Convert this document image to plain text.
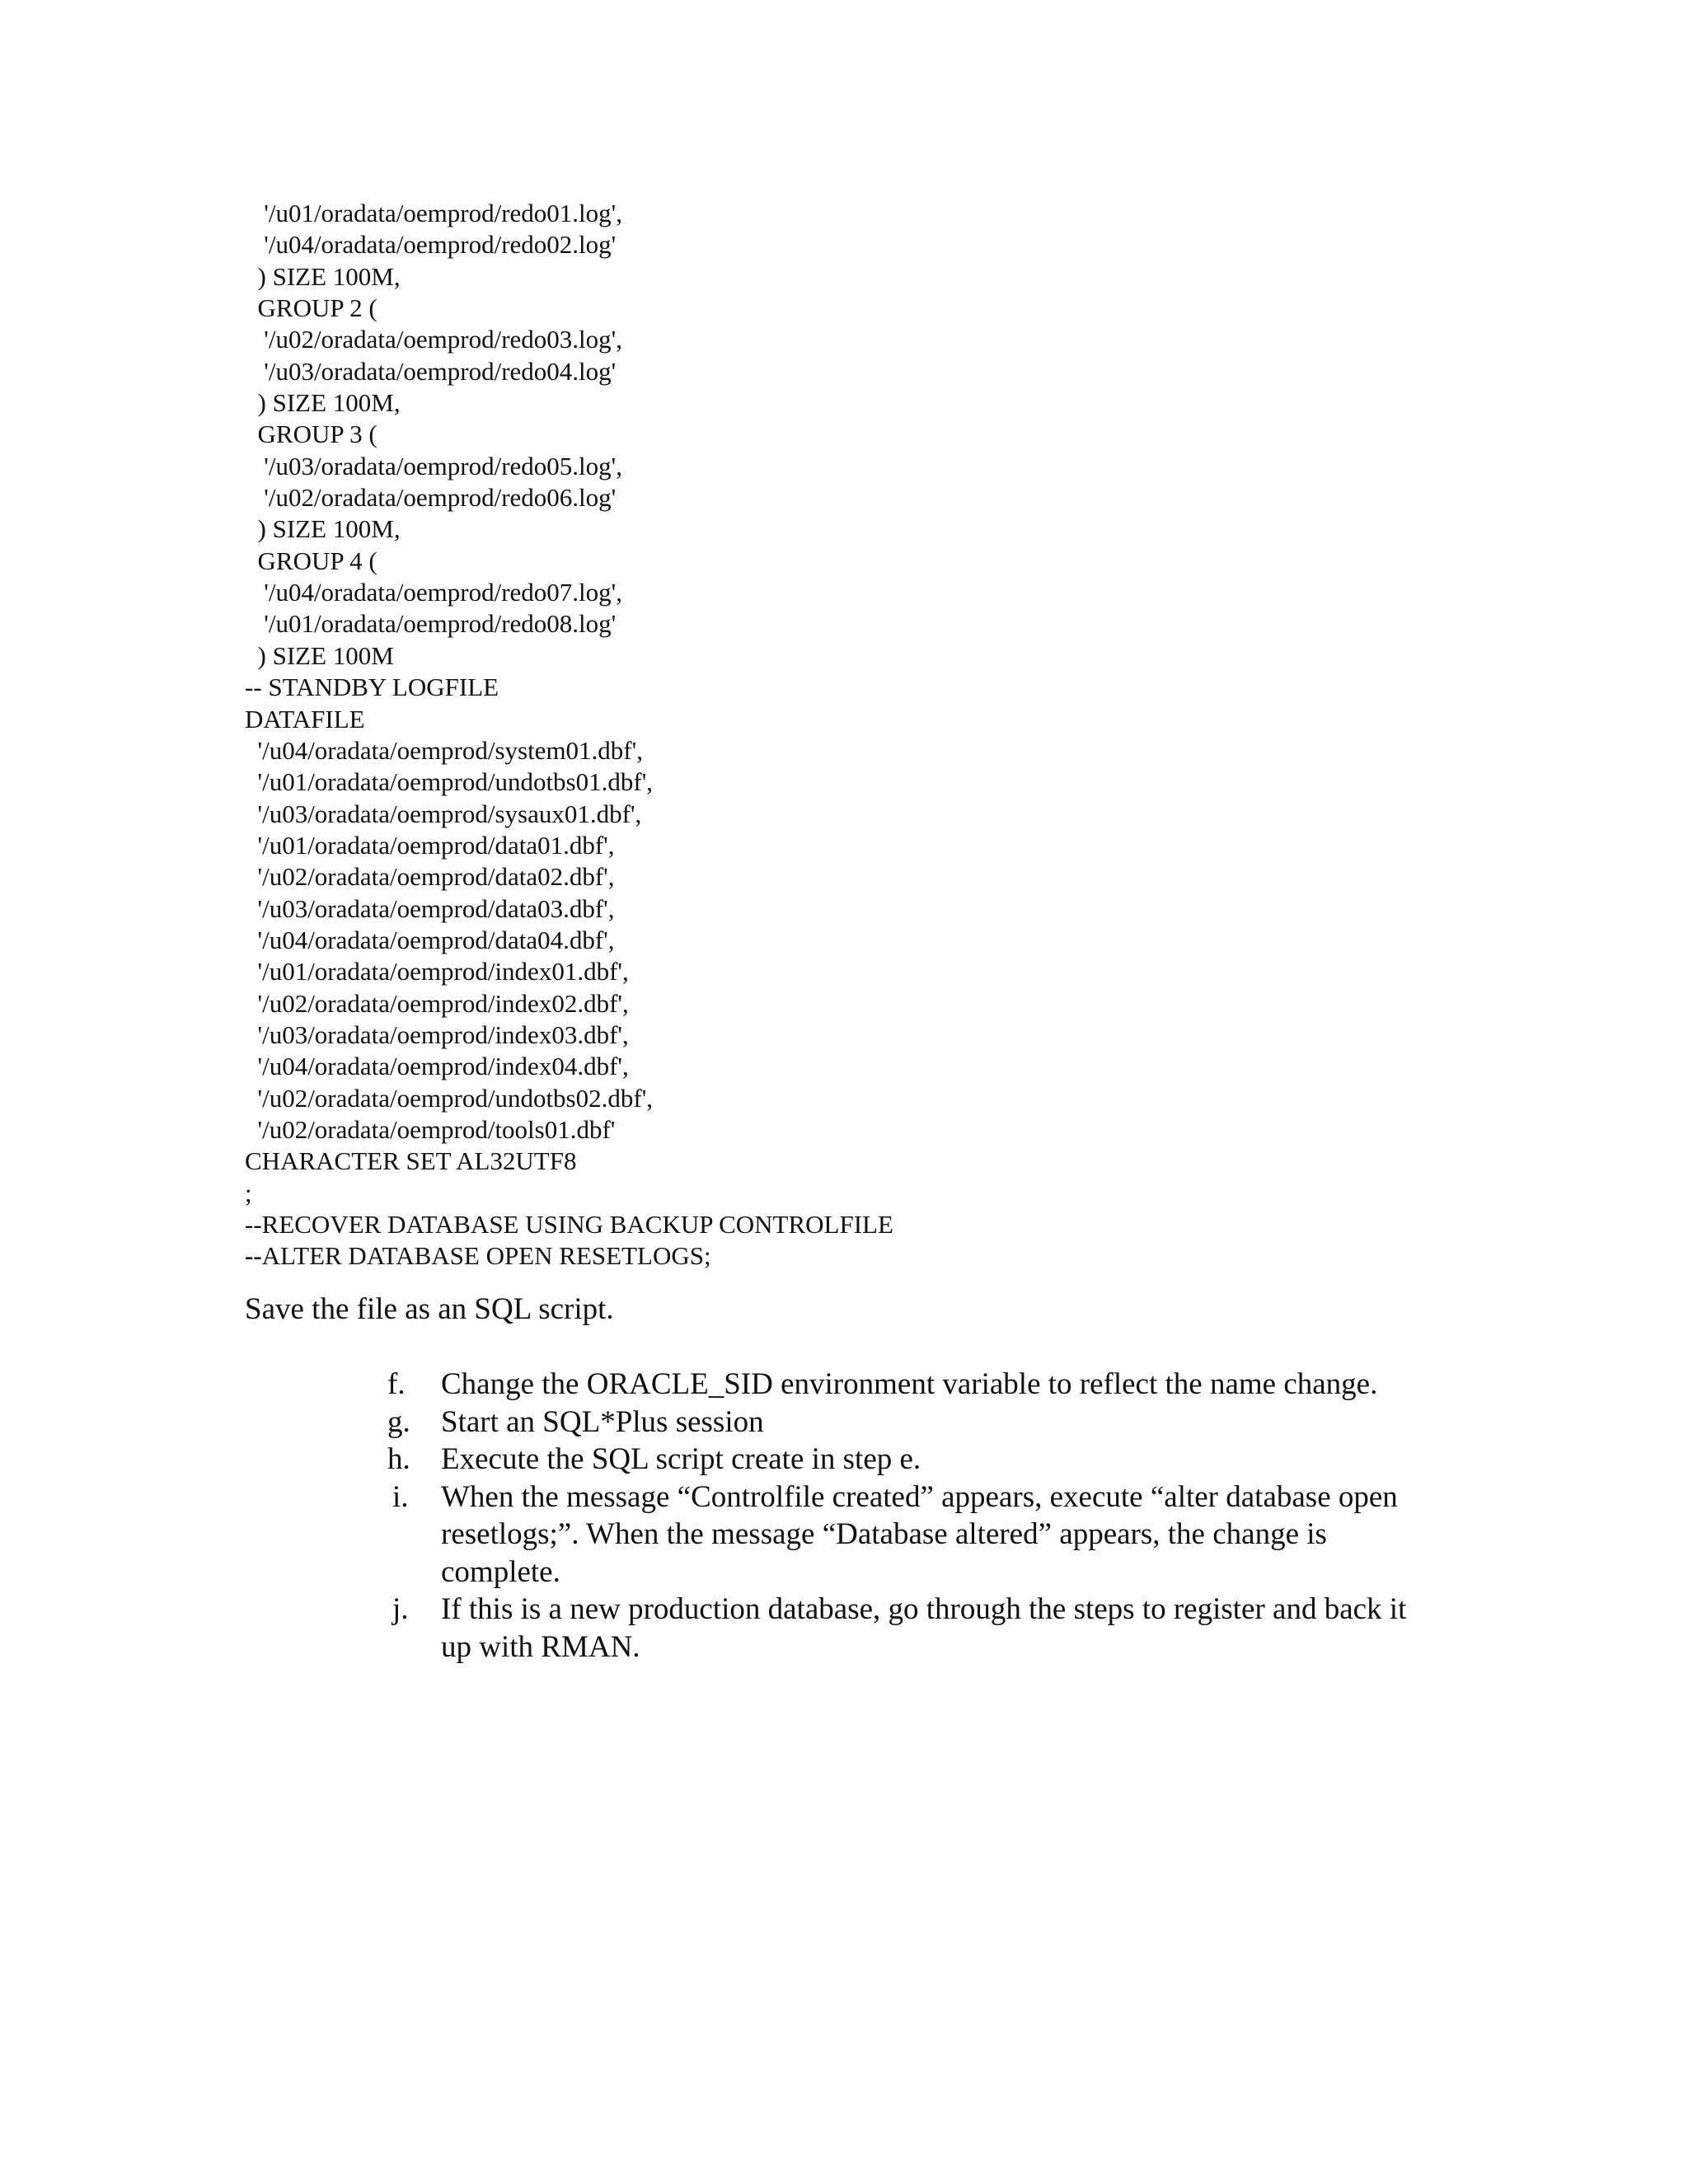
'/u01/oradata/oemprod/redo01.log',
'/u04/oradata/oemprod/redo02.log'
) SIZE 100M,
GROUP 2 (
'/u02/oradata/oemprod/redo03.log',
'/u03/oradata/oemprod/redo04.log'
) SIZE 100M,
GROUP 3 (
'/u03/oradata/oemprod/redo05.log',
'/u02/oradata/oemprod/redo06.log'
) SIZE 100M,
GROUP 4 (
'/u04/oradata/oemprod/redo07.log',
'/u01/oradata/oemprod/redo08.log'
) SIZE 100M
-- STANDBY LOGFILE
DATAFILE
'/u04/oradata/oemprod/system01.dbf',
'/u01/oradata/oemprod/undotbs01.dbf',
'/u03/oradata/oemprod/sysaux01.dbf',
'/u01/oradata/oemprod/data01.dbf',
'/u02/oradata/oemprod/data02.dbf',
'/u03/oradata/oemprod/data03.dbf',
'/u04/oradata/oemprod/data04.dbf',
'/u01/oradata/oemprod/index01.dbf',
'/u02/oradata/oemprod/index02.dbf',
'/u03/oradata/oemprod/index03.dbf',
'/u04/oradata/oemprod/index04.dbf',
'/u02/oradata/oemprod/undotbs02.dbf',
'/u02/oradata/oemprod/tools01.dbf'
CHARACTER SET AL32UTF8
;
--RECOVER DATABASE USING BACKUP CONTROLFILE
--ALTER DATABASE OPEN RESETLOGS;
Save the file as an SQL script.
f.	Change the ORACLE_SID environment variable to reflect the name change.
g.	Start an SQL*Plus session
h.	Execute the SQL script create in step e.
i.	When the message “Controlfile created” appears, execute “alter database open resetlogs;”. When the message “Database altered” appears, the change is complete.
j.	If this is a new production database, go through the steps to register and back it up with RMAN.
